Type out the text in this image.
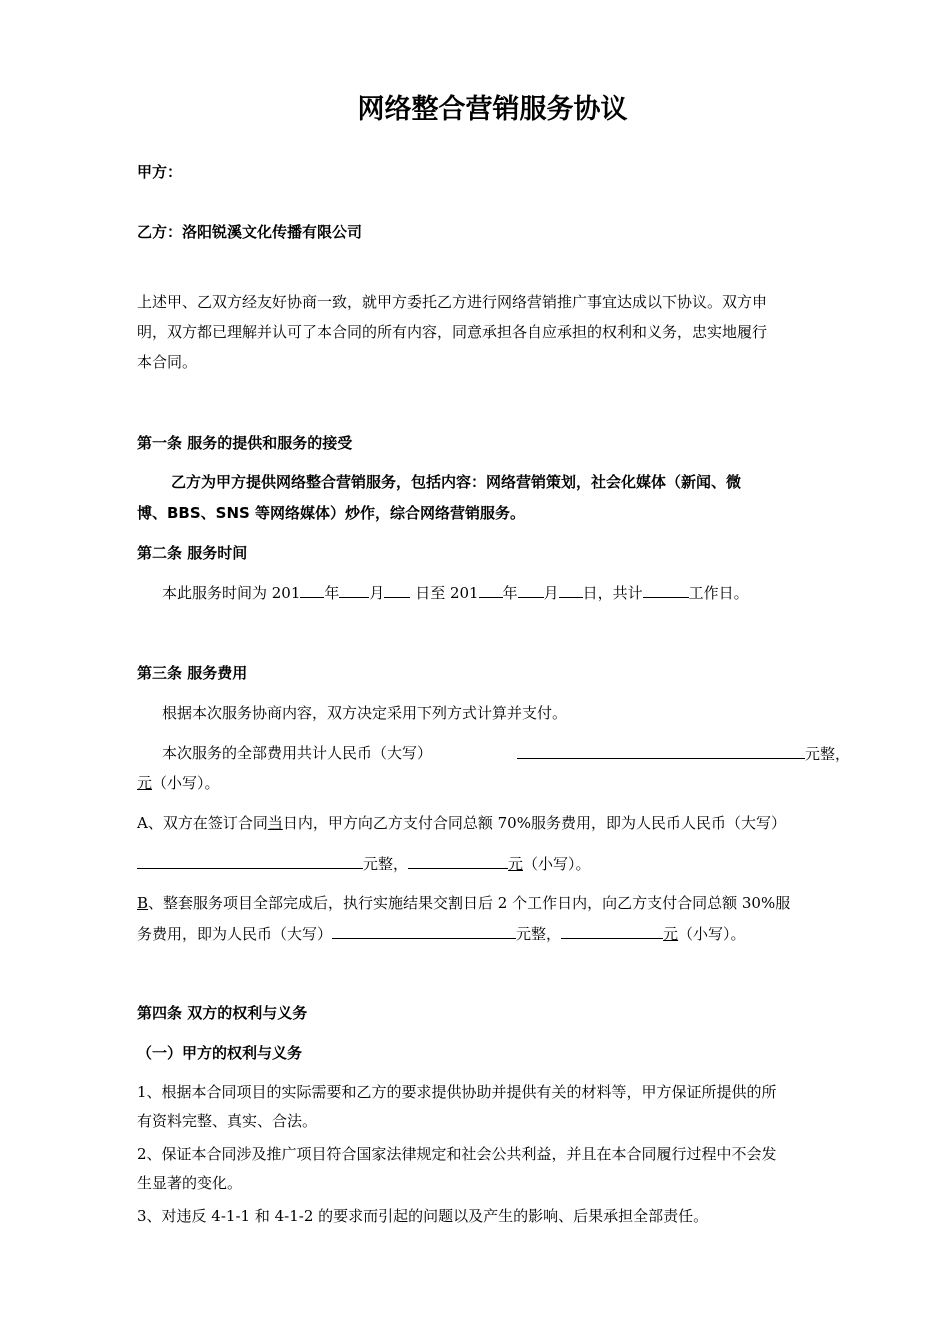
网络整合营销服务协议
甲方：
乙方：洛阳锐溪文化传播有限公司
上述甲、乙双方经友好协商一致，就甲方委托乙方进行网络营销推广事宜达成以下协议。双方申
明，双方都已理解并认可了本合同的所有内容，同意承担各自应承担的权利和义务，忠实地履行
本合同。
第一条 服务的提供和服务的接受
乙方为甲方提供网络整合营销服务，包括内容：网络营销策划，社会化媒体（新闻、微
博、BBS、SNS 等网络媒体）炒作，综合网络营销服务。
第二条 服务时间
本此服务时间为 201 年 月 日至 201 年 月 日，共计	工作日。
第三条 服务费用
根据本次服务协商内容，双方决定采用下列方式计算并支付。
本次服务的全部费用共计人民币（大写）	元整，
元（小写）。
A、双方在签订合同当日内，甲方向乙方支付合同总额 70%服务费用，即为人民币人民币（大写）
元整，	元（小写）。
B、整套服务项目全部完成后，执行实施结果交割日后 2 个工作日内，向乙方支付合同总额 30%服
务费用，即为人民币（大写）	元整，	元（小写）。
第四条 双方的权利与义务
（一）甲方的权利与义务
1、根据本合同项目的实际需要和乙方的要求提供协助并提供有关的材料等，甲方保证所提供的所
有资料完整、真实、合法。
2、保证本合同涉及推广项目符合国家法律规定和社会公共利益，并且在本合同履行过程中不会发
生显著的变化。
3、对违反 4-1-1 和 4-1-2 的要求而引起的问题以及产生的影响、后果承担全部责任。
